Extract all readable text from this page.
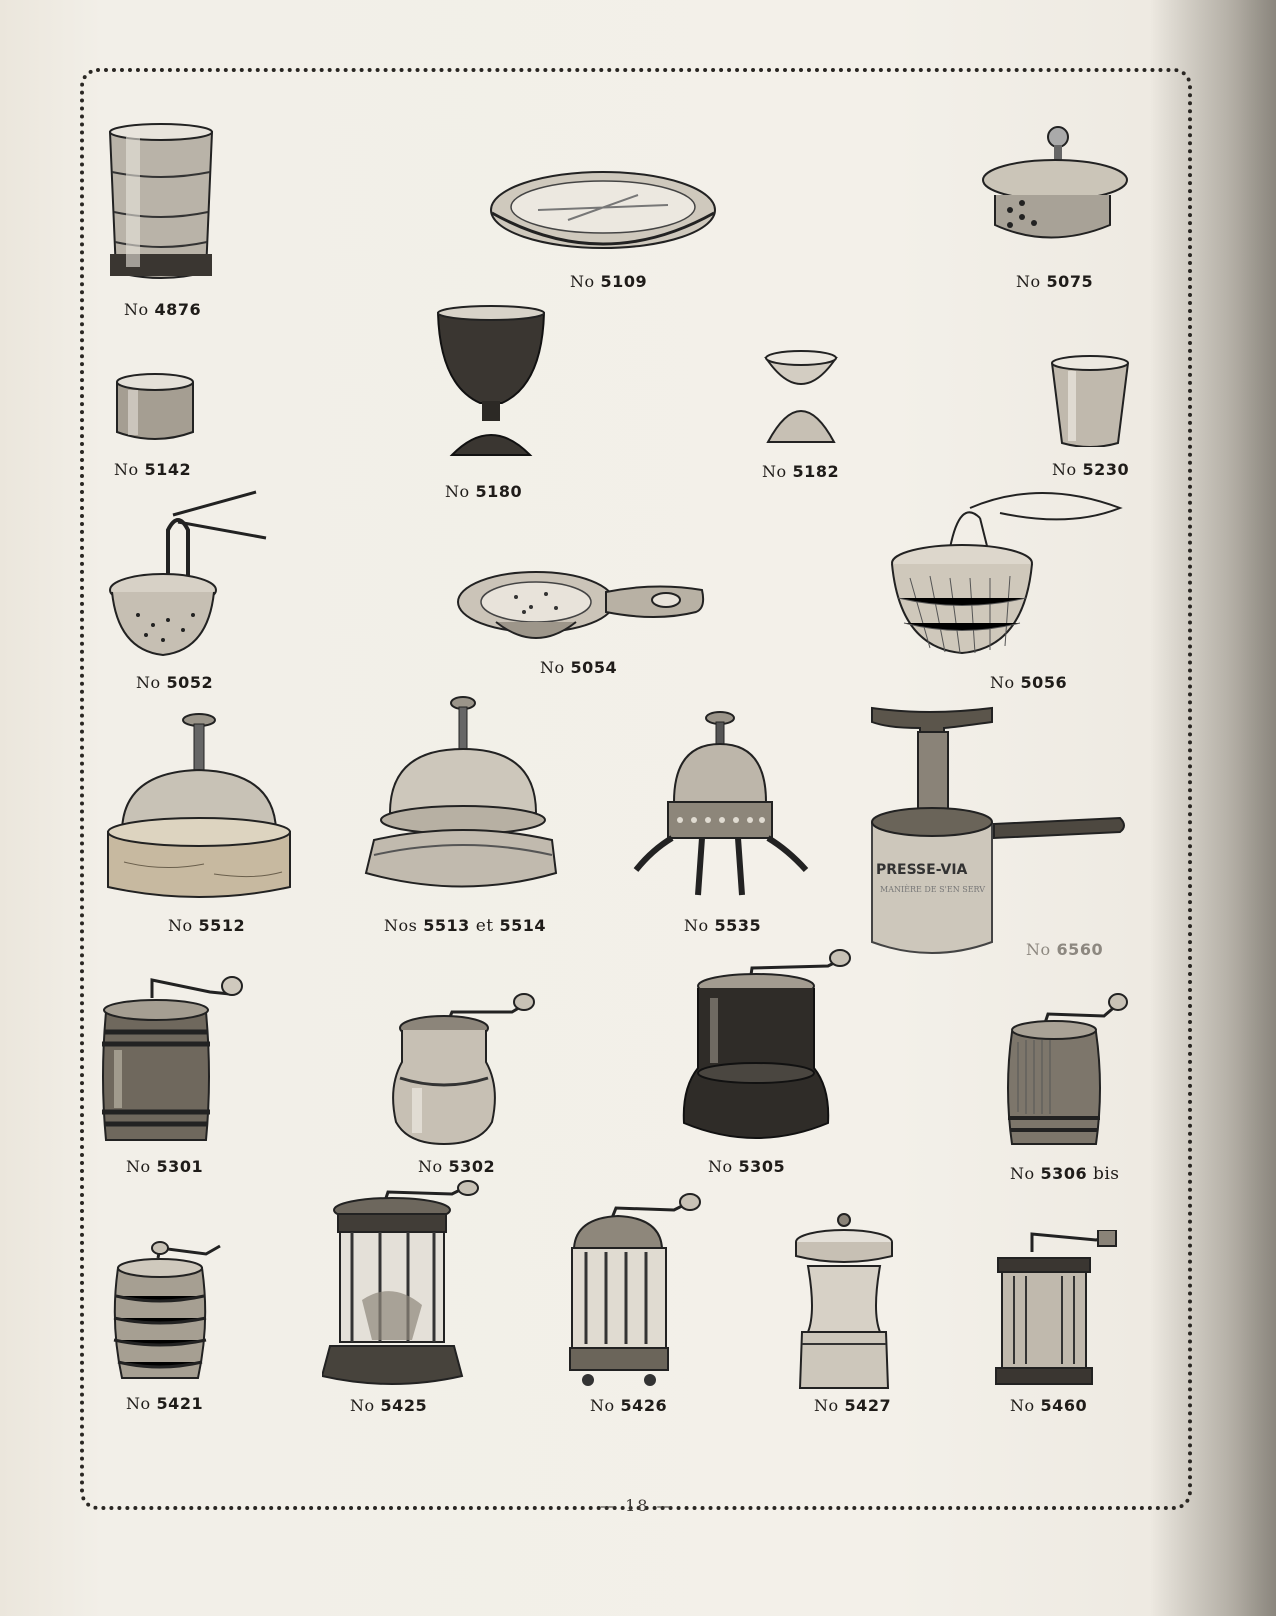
No 4876
No 5109	No 5075
No 5142
No 5180
No 5182	No 5230
No 5052
No 5054
No 5056
No 5512	Nos 5513 et 5514	No 5535
PRESSE-VIA
MANIÈRE DE S'EN SERV
No 6560
No 5301	No 5302	No 5305	No 5306 bis
No 5421	No 5425	No 5426	No 5427	No 5460
— 18 —
